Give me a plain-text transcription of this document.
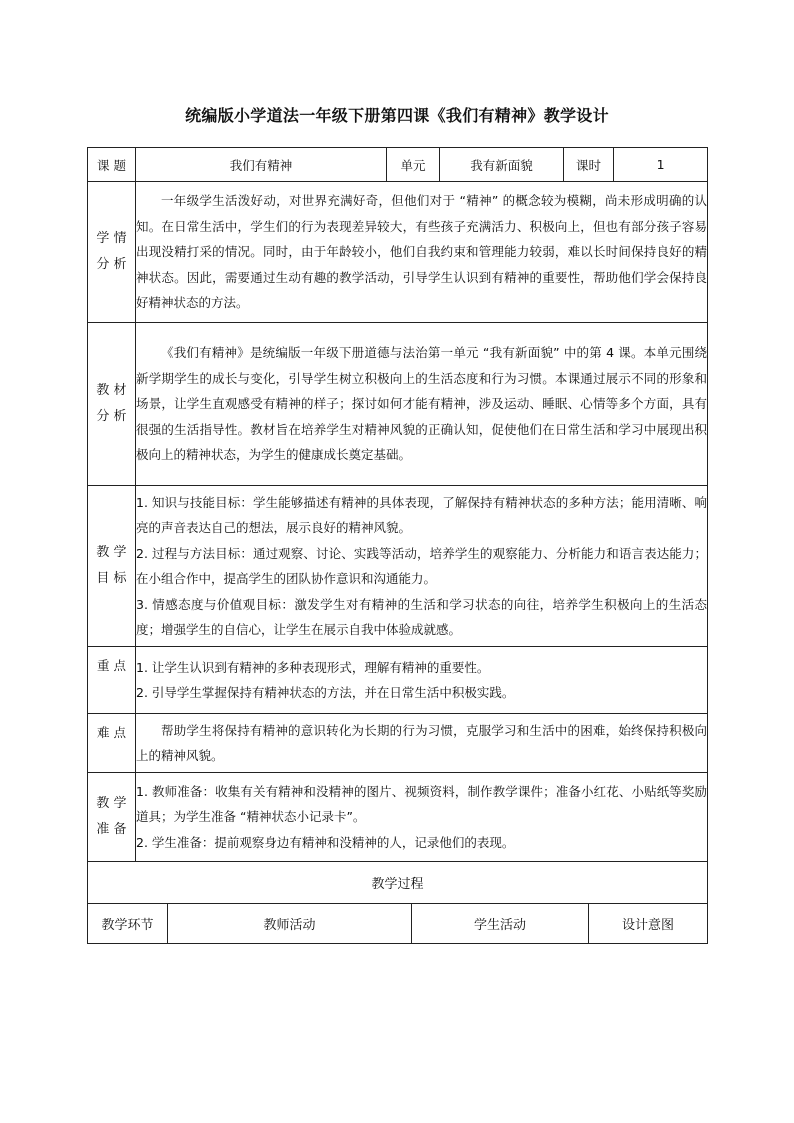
统编版小学道法一年级下册第四课《我们有精神》教学设计
课 题	我们有精神		单元		我有新面貌	课时		1

学 情
分 析	一年级学生活泼好动，对世界充满好奇，但他们对于 “精神” 的概念较为模糊，尚未形成明确的认知。在日常生活中，学生们的行为表现差异较大，有些孩子充满活力、积极向上，但也有部分孩子容易出现没精打采的情况。同时，由于年龄较小，他们自我约束和管理能力较弱，难以长时间保持良好的精神状态。因此，需要通过生动有趣的教学活动，引导学生认识到有精神的重要性，帮助他们学会保持良好精神状态的方法。							

教 材
分 析	《我们有精神》是统编版一年级下册道德与法治第一单元 “我有新面貌” 中的第 4 课。本单元围绕新学期学生的成长与变化，引导学生树立积极向上的生活态度和行为习惯。本课通过展示不同的形象和场景，让学生直观感受有精神的样子；探讨如何才能有精神，涉及运动、睡眠、心情等多个方面，具有很强的生活指导性。教材旨在培养学生对精神风貌的正确认知，促使他们在日常生活和学习中展现出积极向上的精神状态，为学生的健康成长奠定基础。							

教 学
目 标	1. 知识与技能目标：学生能够描述有精神的具体表现，了解保持有精神状态的多种方法；能用清晰、响亮的声音表达自己的想法，展示良好的精神风貌。
2. 过程与方法目标：通过观察、讨论、实践等活动，培养学生的观察能力、分析能力和语言表达能力；在小组合作中，提高学生的团队协作意识和沟通能力。
3. 情感态度与价值观目标：激发学生对有精神的生活和学习状态的向往，培养学生积极向上的生活态度；增强学生的自信心，让学生在展示自我中体验成就感。							

重 点	1. 让学生认识到有精神的多种表现形式，理解有精神的重要性。
2. 引导学生掌握保持有精神状态的方法，并在日常生活中积极实践。							

难 点	帮助学生将保持有精神的意识转化为长期的行为习惯，克服学习和生活中的困难，始终保持积极向上的精神风貌。							

教 学
准 备	1. 教师准备：收集有关有精神和没精神的图片、视频资料，制作教学课件；准备小红花、小贴纸等奖励道具；为学生准备 “精神状态小记录卡”。
2. 学生准备：提前观察身边有精神和没精神的人，记录他们的表现。							

教学过程								
教学环节		教师活动		学生活动			设计意图	
